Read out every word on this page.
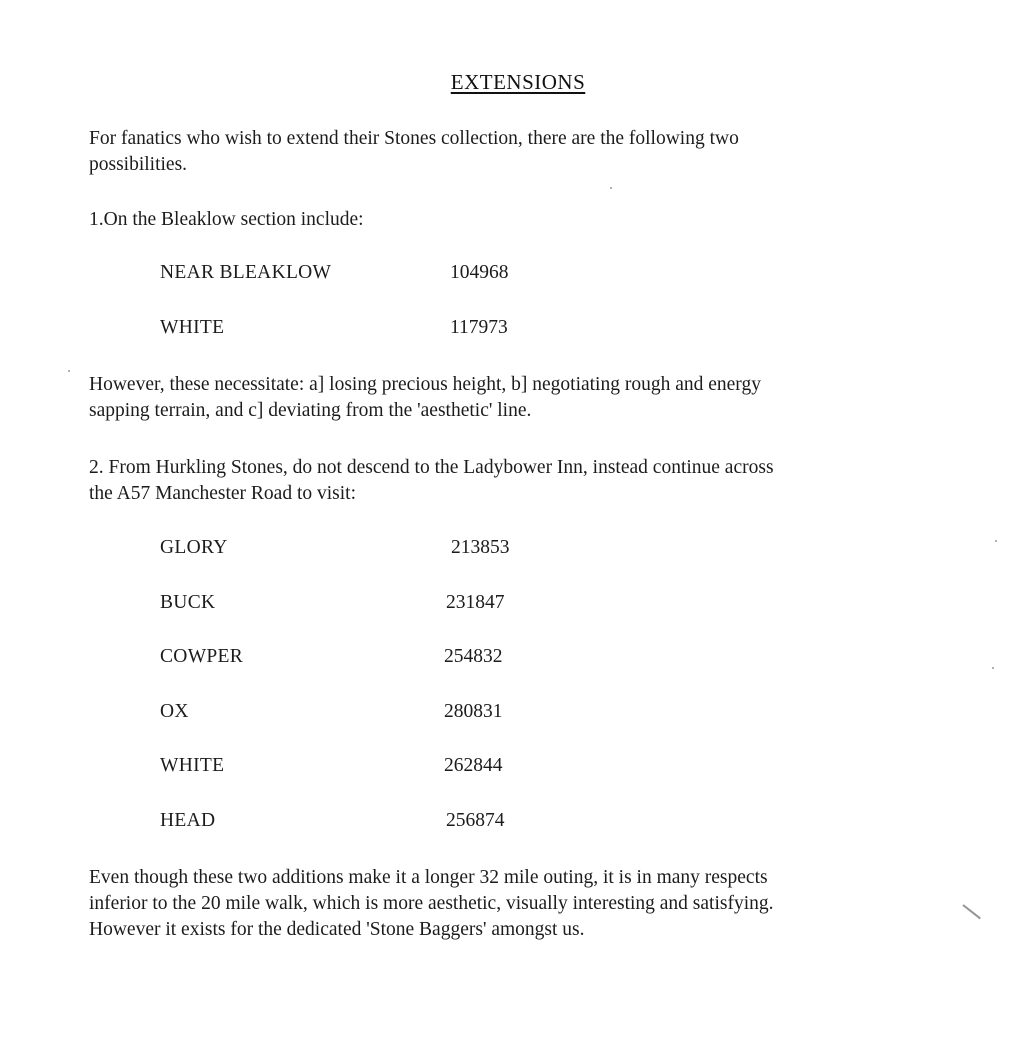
EXTENSIONS
For fanatics who wish to extend their Stones collection, there are the following two
possibilities.
1.On the Bleaklow section include:
NEAR BLEAKLOW	104968
WHITE	117973
However, these necessitate: a] losing precious height, b] negotiating rough and energy
sapping terrain, and c] deviating from the 'aesthetic' line.
2. From Hurkling Stones, do not descend to the Ladybower Inn, instead continue across
the A57 Manchester Road to visit:
GLORY	213853
BUCK	231847
COWPER	254832
OX	280831
WHITE	262844
HEAD	256874
Even though these two additions make it a longer 32 mile outing, it is in many respects
inferior to the 20 mile walk, which is more aesthetic, visually interesting and satisfying.
However it exists for the dedicated 'Stone Baggers' amongst us.
